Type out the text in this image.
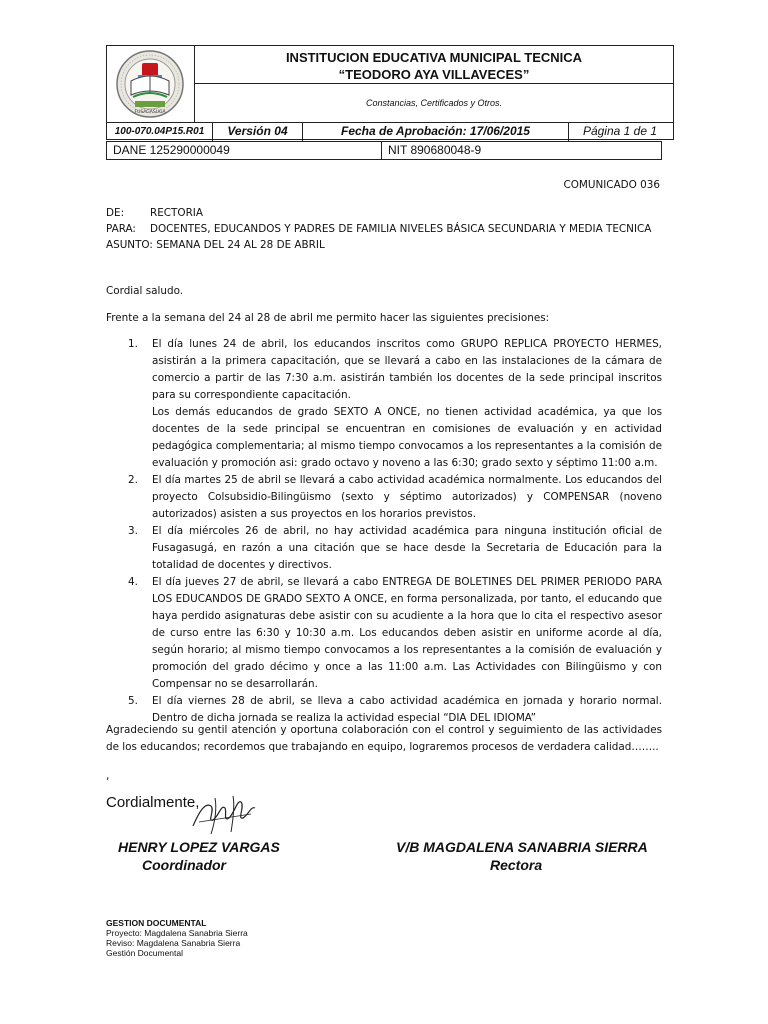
FUSAGASUGA
INSTITUCION EDUCATIVA MUNICIPAL TECNICA
“TEODORO AYA VILLAVECES”
Constancias, Certificados y Otros.
100-070.04P15.R01	Versión 04	Fecha de Aprobación: 17/06/2015	Página 1 de 1
DANE 125290000049	NIT 890680048-9
COMUNICADO 036
DE: RECTORIA
PARA: DOCENTES, EDUCANDOS Y PADRES DE FAMILIA NIVELES BÁSICA SECUNDARIA Y MEDIA TECNICA
ASUNTO: SEMANA DEL 24 AL 28 DE ABRIL
Cordial saludo.
Frente a la semana del 24 al 28 de abril me permito hacer las siguientes precisiones:
1. El día lunes 24 de abril, los educandos inscritos como GRUPO REPLICA PROYECTO HERMES, asistirán a la primera capacitación, que se llevará a cabo en las instalaciones de la cámara de comercio a partir de las 7:30 a.m. asistirán también los docentes de la sede principal inscritos para su correspondiente capacitación.

Los demás educandos de grado SEXTO A ONCE, no tienen actividad académica, ya que los docentes de la sede principal se encuentran en comisiones de evaluación y en actividad pedagógica complementaria; al mismo tiempo convocamos a los representantes a la comisión de evaluación y promoción asi: grado octavo y noveno a las 6:30; grado sexto y séptimo 11:00 a.m.

2. El día martes 25 de abril se llevará a cabo actividad académica normalmente. Los educandos del proyecto Colsubsidio-Bilingüismo (sexto y séptimo autorizados) y COMPENSAR (noveno autorizados) asisten a sus proyectos en los horarios previstos.

3. El día miércoles 26 de abril, no hay actividad académica para ninguna institución oficial de Fusagasugá, en razón a una citación que se hace desde la Secretaria de Educación para la totalidad de docentes y directivos.

4. El día jueves 27 de abril, se llevará a cabo ENTREGA DE BOLETINES DEL PRIMER PERIODO PARA LOS EDUCANDOS DE GRADO SEXTO A ONCE, en forma personalizada, por tanto, el educando que haya perdido asignaturas debe asistir con su acudiente a la hora que lo cita el respectivo asesor de curso entre las 6:30 y 10:30 a.m. Los educandos deben asistir en uniforme acorde al día, según horario; al mismo tiempo convocamos a los representantes a la comisión de evaluación y promoción del grado décimo y once a las 11:00 a.m. Las Actividades con Bilingüismo y con Compensar no se desarrollarán.

5. El día viernes 28 de abril, se lleva a cabo actividad académica en jornada y horario normal. Dentro de dicha jornada se realiza la actividad especial “DIA DEL IDIOMA”

Agradeciendo su gentil atención y oportuna colaboración con el control y seguimiento de las actividades de los educandos; recordemos que trabajando en equipo, lograremos procesos de verdadera calidad……..
,
Cordialmente,
HENRY LOPEZ VARGAS
Coordinador
V/B MAGDALENA SANABRIA SIERRA
Rectora
GESTION DOCUMENTAL
Proyecto: Magdalena Sanabria Sierra
Reviso: Magdalena Sanabria Sierra
Gestión Documental
